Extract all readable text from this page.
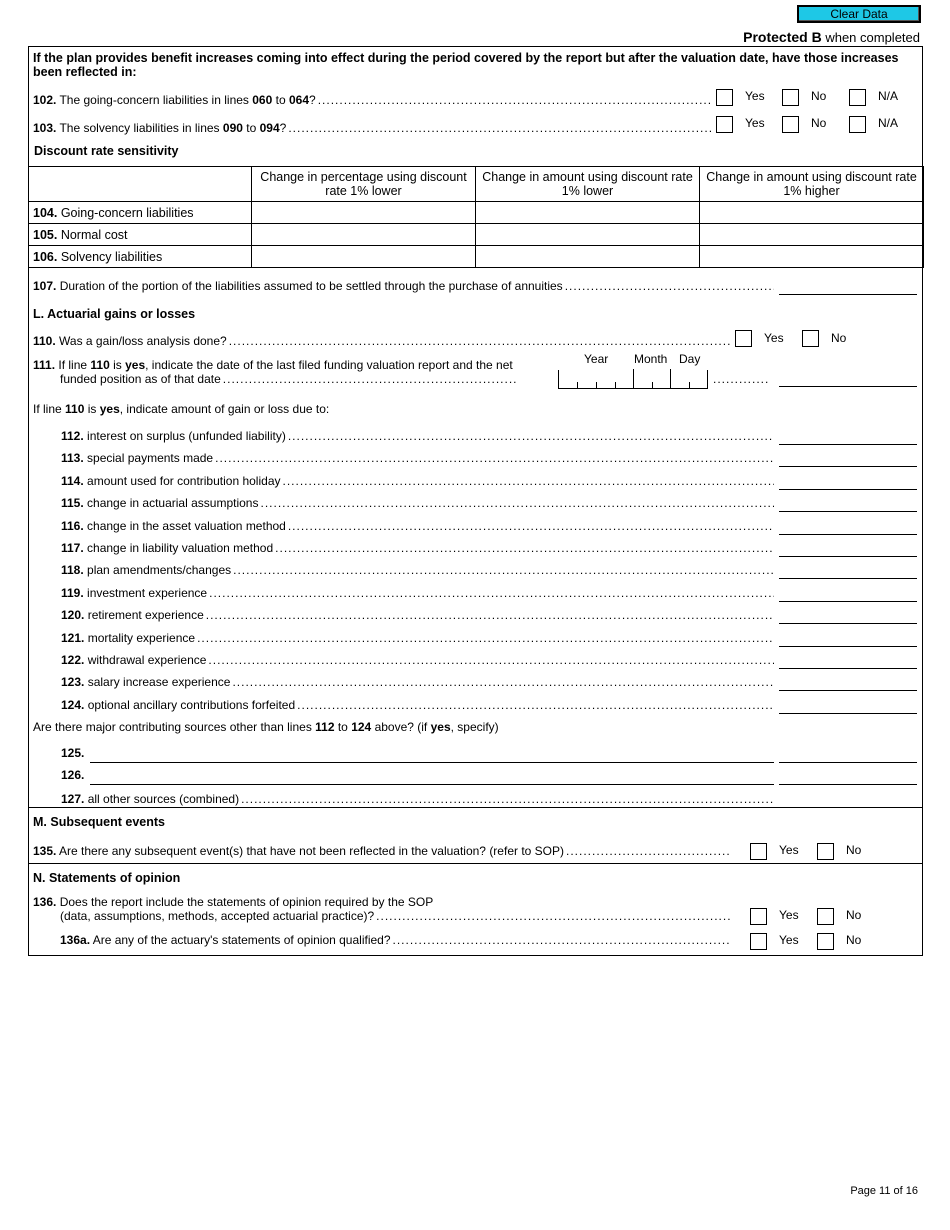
Clear Data
Protected B when completed
If the plan provides benefit increases coming into effect during the period covered by the report but after the valuation date, have those increases been reflected in:
102. The going-concern liabilities in lines 060 to 064? .....	Yes	No	N/A
103. The solvency liabilities in lines 090 to 094? .....	Yes	No	N/A
Discount rate sensitivity
	Change in percentage using discount rate 1% lower	Change in amount using discount rate 1% lower	Change in amount using discount rate 1% higher
104. Going-concern liabilities			
105. Normal cost			
106. Solvency liabilities			
107. Duration of the portion of the liabilities assumed to be settled through the purchase of annuities
.....
L. Actuarial gains or losses
110. Was a gain/loss analysis done? .....	Yes	No
111. If line 110 is yes, indicate the date of the last filed funding valuation report and the net
funded position as of that date
.....
Year Month Day
.....
If line 110 is yes, indicate amount of gain or loss due to:
112. interest on surplus (unfunded liability)
.....
113. special payments made
.....
114. amount used for contribution holiday
.....
115. change in actuarial assumptions
.....
116. change in the asset valuation method
.....
117. change in liability valuation method
.....
118. plan amendments/changes
.....
119. investment experience
.....
120. retirement experience
.....
121. mortality experience
.....
122. withdrawal experience
.....
123. salary increase experience
.....
124. optional ancillary contributions forfeited
.....
Are there major contributing sources other than lines 112 to 124 above? (if yes, specify)
125.
126.
127. all other sources (combined)
.....
M. Subsequent events
135. Are there any subsequent event(s) that have not been reflected in the valuation? (refer to SOP) .....	Yes	No
N. Statements of opinion
136. Does the report include the statements of opinion required by the SOP
(data, assumptions, methods, accepted actuarial practice)? .....	Yes	No
136a. Are any of the actuary's statements of opinion qualified? .....	Yes	No
Page 11 of 16
